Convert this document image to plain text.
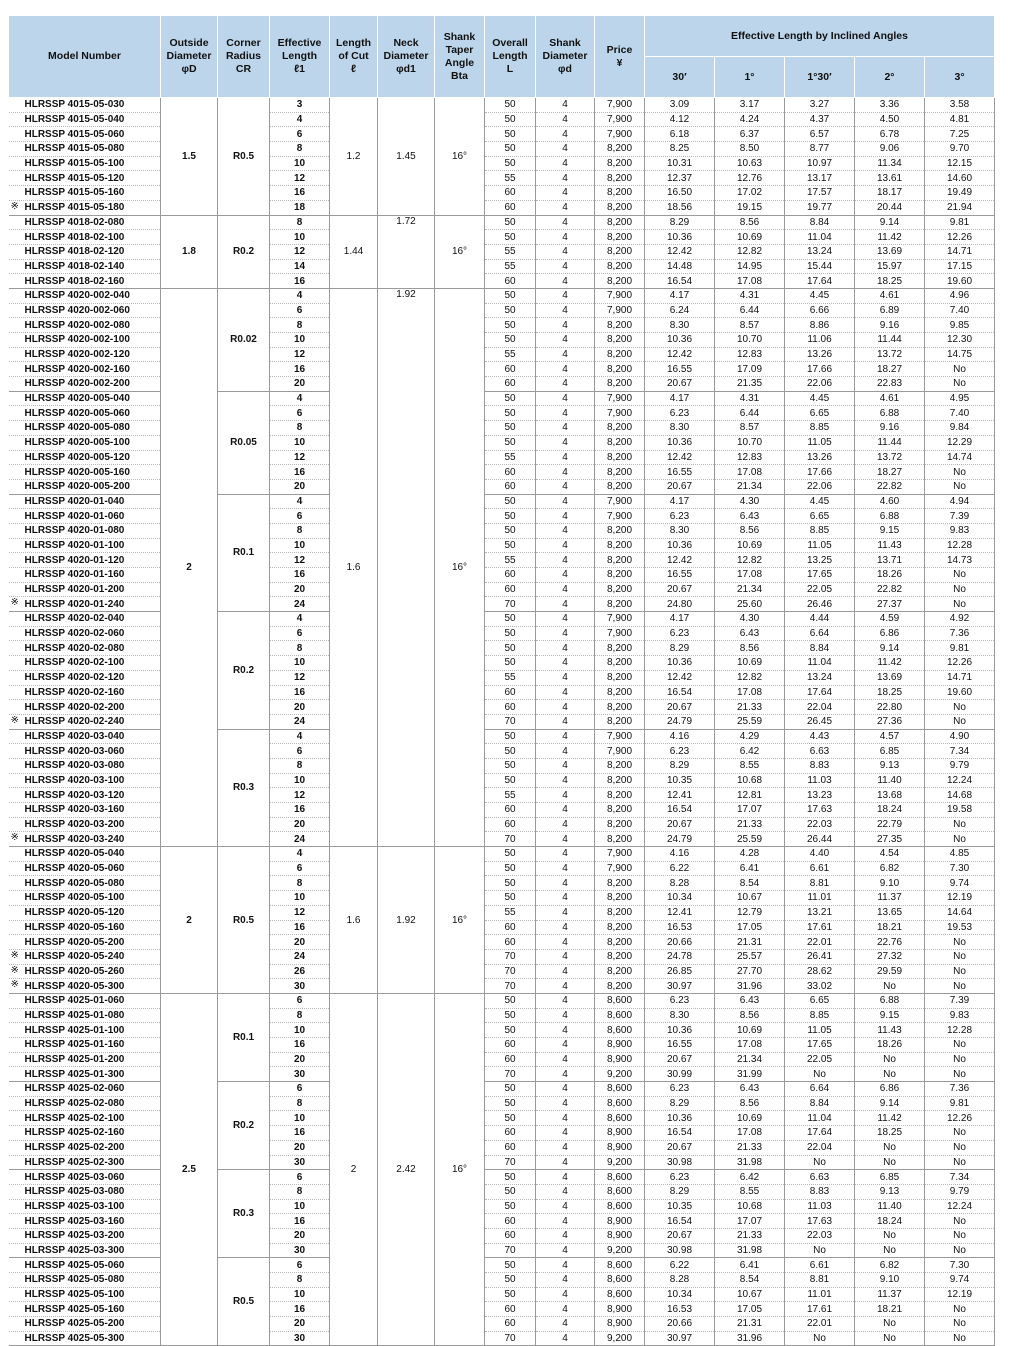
Model Number	Outside
Diameter
φD	Corner
Radius
CR	Effective
Length
ℓ1	Length
of Cut
ℓ	Neck
Diameter
φd1	Shank
Taper
Angle
Bta	Overall
Length
L	Shank
Diameter
φd	Price
¥	Effective Length by Inclined Angles				
										30′	1°	1°30′	2°	3°

HLRSSP 4015-05-030	1.5	R0.5	3	1.2	1.45	16°	50	4	7,900	3.09	3.17	3.27	3.36	3.58

HLRSSP 4015-05-040			4				50	4	7,900	4.12	4.24	4.37	4.50	4.81

HLRSSP 4015-05-060			6				50	4	7,900	6.18	6.37	6.57	6.78	7.25

HLRSSP 4015-05-080			8				50	4	8,200	8.25	8.50	8.77	9.06	9.70

HLRSSP 4015-05-100			10				50	4	8,200	10.31	10.63	10.97	11.34	12.15

HLRSSP 4015-05-120			12				55	4	8,200	12.37	12.76	13.17	13.61	14.60

HLRSSP 4015-05-160			16				60	4	8,200	16.50	17.02	17.57	18.17	19.49

※ HLRSSP 4015-05-180			18				60	4	8,200	18.56	19.15	19.77	20.44	21.94

HLRSSP 4018-02-080	1.8	R0.2	8	1.44	1.72	16°	50	4	8,200	8.29	8.56	8.84	9.14	9.81

HLRSSP 4018-02-100			10				50	4	8,200	10.36	10.69	11.04	11.42	12.26

HLRSSP 4018-02-120			12				55	4	8,200	12.42	12.82	13.24	13.69	14.71

HLRSSP 4018-02-140			14				55	4	8,200	14.48	14.95	15.44	15.97	17.15

HLRSSP 4018-02-160			16				60	4	8,200	16.54	17.08	17.64	18.25	19.60

HLRSSP 4020-002-040	2	R0.02	4	1.6	1.92	16°	50	4	7,900	4.17	4.31	4.45	4.61	4.96

HLRSSP 4020-002-060			6				50	4	7,900	6.24	6.44	6.66	6.89	7.40

HLRSSP 4020-002-080			8				50	4	8,200	8.30	8.57	8.86	9.16	9.85

HLRSSP 4020-002-100			10				50	4	8,200	10.36	10.70	11.06	11.44	12.30

HLRSSP 4020-002-120			12				55	4	8,200	12.42	12.83	13.26	13.72	14.75

HLRSSP 4020-002-160			16				60	4	8,200	16.55	17.09	17.66	18.27	No

HLRSSP 4020-002-200			20				60	4	8,200	20.67	21.35	22.06	22.83	No

HLRSSP 4020-005-040		R0.05	4				50	4	7,900	4.17	4.31	4.45	4.61	4.95

HLRSSP 4020-005-060			6				50	4	7,900	6.23	6.44	6.65	6.88	7.40

HLRSSP 4020-005-080			8				50	4	8,200	8.30	8.57	8.85	9.16	9.84

HLRSSP 4020-005-100			10				50	4	8,200	10.36	10.70	11.05	11.44	12.29

HLRSSP 4020-005-120			12				55	4	8,200	12.42	12.83	13.26	13.72	14.74

HLRSSP 4020-005-160			16				60	4	8,200	16.55	17.08	17.66	18.27	No

HLRSSP 4020-005-200			20				60	4	8,200	20.67	21.34	22.06	22.82	No

HLRSSP 4020-01-040		R0.1	4				50	4	7,900	4.17	4.30	4.45	4.60	4.94

HLRSSP 4020-01-060			6				50	4	7,900	6.23	6.43	6.65	6.88	7.39

HLRSSP 4020-01-080			8				50	4	8,200	8.30	8.56	8.85	9.15	9.83

HLRSSP 4020-01-100			10				50	4	8,200	10.36	10.69	11.05	11.43	12.28

HLRSSP 4020-01-120			12				55	4	8,200	12.42	12.82	13.25	13.71	14.73

HLRSSP 4020-01-160			16				60	4	8,200	16.55	17.08	17.65	18.26	No

HLRSSP 4020-01-200			20				60	4	8,200	20.67	21.34	22.05	22.82	No

※ HLRSSP 4020-01-240			24				70	4	8,200	24.80	25.60	26.46	27.37	No

HLRSSP 4020-02-040		R0.2	4				50	4	7,900	4.17	4.30	4.44	4.59	4.92

HLRSSP 4020-02-060			6				50	4	7,900	6.23	6.43	6.64	6.86	7.36

HLRSSP 4020-02-080			8				50	4	8,200	8.29	8.56	8.84	9.14	9.81

HLRSSP 4020-02-100			10				50	4	8,200	10.36	10.69	11.04	11.42	12.26

HLRSSP 4020-02-120			12				55	4	8,200	12.42	12.82	13.24	13.69	14.71

HLRSSP 4020-02-160			16				60	4	8,200	16.54	17.08	17.64	18.25	19.60

HLRSSP 4020-02-200			20				60	4	8,200	20.67	21.33	22.04	22.80	No

※ HLRSSP 4020-02-240			24				70	4	8,200	24.79	25.59	26.45	27.36	No

HLRSSP 4020-03-040		R0.3	4				50	4	7,900	4.16	4.29	4.43	4.57	4.90

HLRSSP 4020-03-060			6				50	4	7,900	6.23	6.42	6.63	6.85	7.34

HLRSSP 4020-03-080			8				50	4	8,200	8.29	8.55	8.83	9.13	9.79

HLRSSP 4020-03-100			10				50	4	8,200	10.35	10.68	11.03	11.40	12.24

HLRSSP 4020-03-120			12				55	4	8,200	12.41	12.81	13.23	13.68	14.68

HLRSSP 4020-03-160			16				60	4	8,200	16.54	17.07	17.63	18.24	19.58

HLRSSP 4020-03-200			20				60	4	8,200	20.67	21.33	22.03	22.79	No

※ HLRSSP 4020-03-240			24				70	4	8,200	24.79	25.59	26.44	27.35	No

HLRSSP 4020-05-040	2	R0.5	4	1.6	1.92	16°	50	4	7,900	4.16	4.28	4.40	4.54	4.85

HLRSSP 4020-05-060			6				50	4	7,900	6.22	6.41	6.61	6.82	7.30

HLRSSP 4020-05-080			8				50	4	8,200	8.28	8.54	8.81	9.10	9.74

HLRSSP 4020-05-100			10				50	4	8,200	10.34	10.67	11.01	11.37	12.19

HLRSSP 4020-05-120			12				55	4	8,200	12.41	12.79	13.21	13.65	14.64

HLRSSP 4020-05-160			16				60	4	8,200	16.53	17.05	17.61	18.21	19.53

HLRSSP 4020-05-200			20				60	4	8,200	20.66	21.31	22.01	22.76	No

※ HLRSSP 4020-05-240			24				70	4	8,200	24.78	25.57	26.41	27.32	No

※ HLRSSP 4020-05-260			26				70	4	8,200	26.85	27.70	28.62	29.59	No

※ HLRSSP 4020-05-300			30				70	4	8,200	30.97	31.96	33.02	No	No

HLRSSP 4025-01-060	2.5	R0.1	6	2	2.42	16°	50	4	8,600	6.23	6.43	6.65	6.88	7.39

HLRSSP 4025-01-080			8				50	4	8,600	8.30	8.56	8.85	9.15	9.83

HLRSSP 4025-01-100			10				50	4	8,600	10.36	10.69	11.05	11.43	12.28

HLRSSP 4025-01-160			16				60	4	8,900	16.55	17.08	17.65	18.26	No

HLRSSP 4025-01-200			20				60	4	8,900	20.67	21.34	22.05	No	No

HLRSSP 4025-01-300			30				70	4	9,200	30.99	31.99	No	No	No

HLRSSP 4025-02-060		R0.2	6				50	4	8,600	6.23	6.43	6.64	6.86	7.36

HLRSSP 4025-02-080			8				50	4	8,600	8.29	8.56	8.84	9.14	9.81

HLRSSP 4025-02-100			10				50	4	8,600	10.36	10.69	11.04	11.42	12.26

HLRSSP 4025-02-160			16				60	4	8,900	16.54	17.08	17.64	18.25	No

HLRSSP 4025-02-200			20				60	4	8,900	20.67	21.33	22.04	No	No

HLRSSP 4025-02-300			30				70	4	9,200	30.98	31.98	No	No	No

HLRSSP 4025-03-060		R0.3	6				50	4	8,600	6.23	6.42	6.63	6.85	7.34

HLRSSP 4025-03-080			8				50	4	8,600	8.29	8.55	8.83	9.13	9.79

HLRSSP 4025-03-100			10				50	4	8,600	10.35	10.68	11.03	11.40	12.24

HLRSSP 4025-03-160			16				60	4	8,900	16.54	17.07	17.63	18.24	No

HLRSSP 4025-03-200			20				60	4	8,900	20.67	21.33	22.03	No	No

HLRSSP 4025-03-300			30				70	4	9,200	30.98	31.98	No	No	No

HLRSSP 4025-05-060		R0.5	6				50	4	8,600	6.22	6.41	6.61	6.82	7.30

HLRSSP 4025-05-080			8				50	4	8,600	8.28	8.54	8.81	9.10	9.74

HLRSSP 4025-05-100			10				50	4	8,600	10.34	10.67	11.01	11.37	12.19

HLRSSP 4025-05-160			16				60	4	8,900	16.53	17.05	17.61	18.21	No

HLRSSP 4025-05-200			20				60	4	8,900	20.66	21.31	22.01	No	No

HLRSSP 4025-05-300			30				70	4	9,200	30.97	31.96	No	No	No
